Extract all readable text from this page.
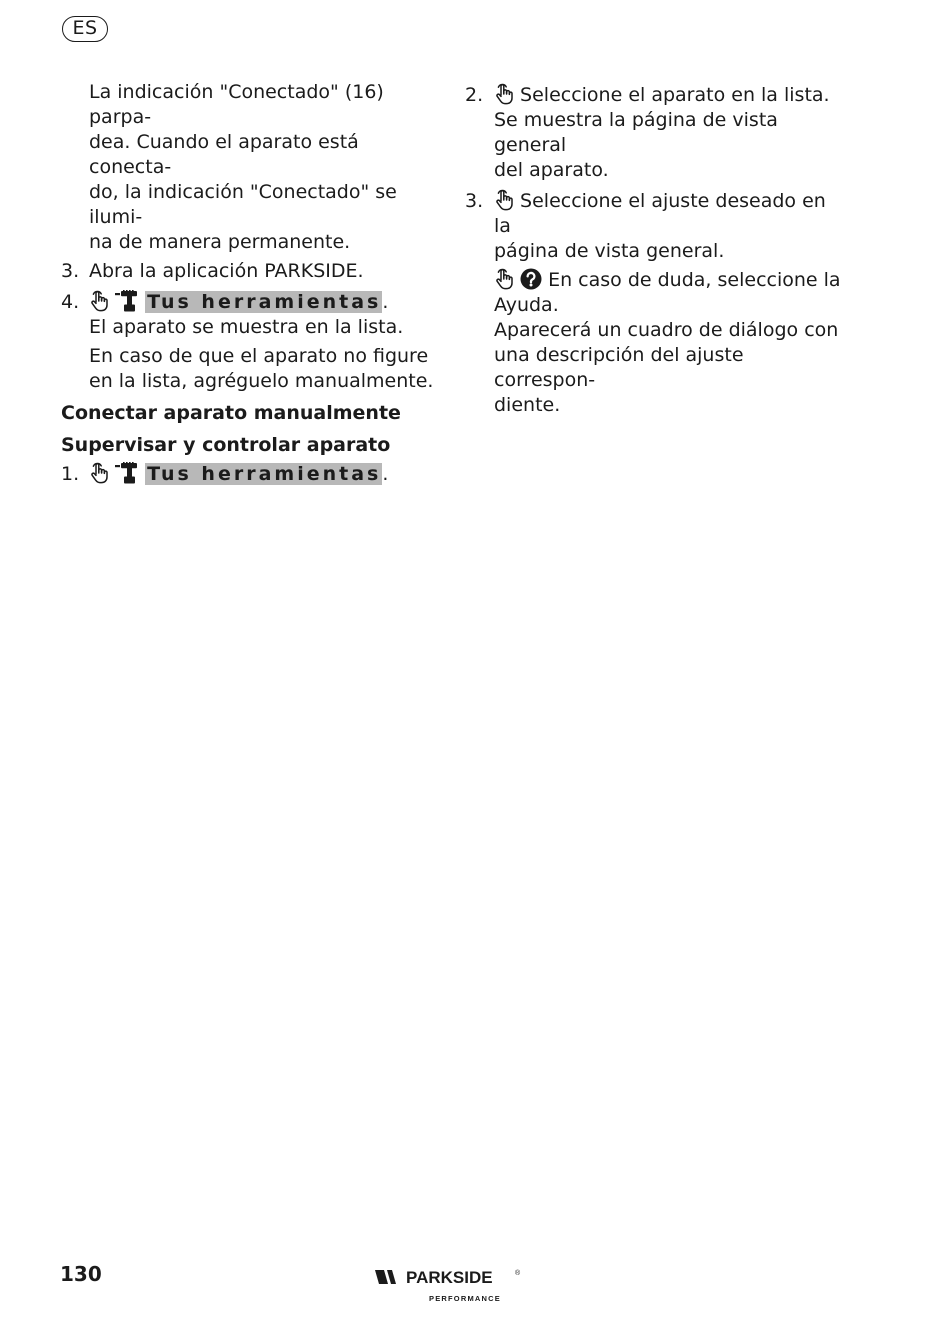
ES
La indicación "Conectado" (16) parpa-
dea. Cuando el aparato está conecta-
do, la indicación "Conectado" se ilumi-
na de manera permanente.
3. Abra la aplicación PARKSIDE.
4.
	Tus herramientas.
El aparato se muestra en la lista.
En caso de que el aparato no figure
en la lista, agréguelo manualmente.
Conectar aparato manualmente
Supervisar y controlar aparato
1.
	Tus herramientas.
2.	Seleccione el aparato en la lista.
Se muestra la página de vista general
del aparato.
3.	Seleccione el ajuste deseado en la
página de vista general.

En caso de duda, seleccione la
Ayuda.
Aparecerá un cuadro de diálogo con
una descripción del ajuste correspon-
diente.
130	PARKSIDE	®
PERFORMANCE
